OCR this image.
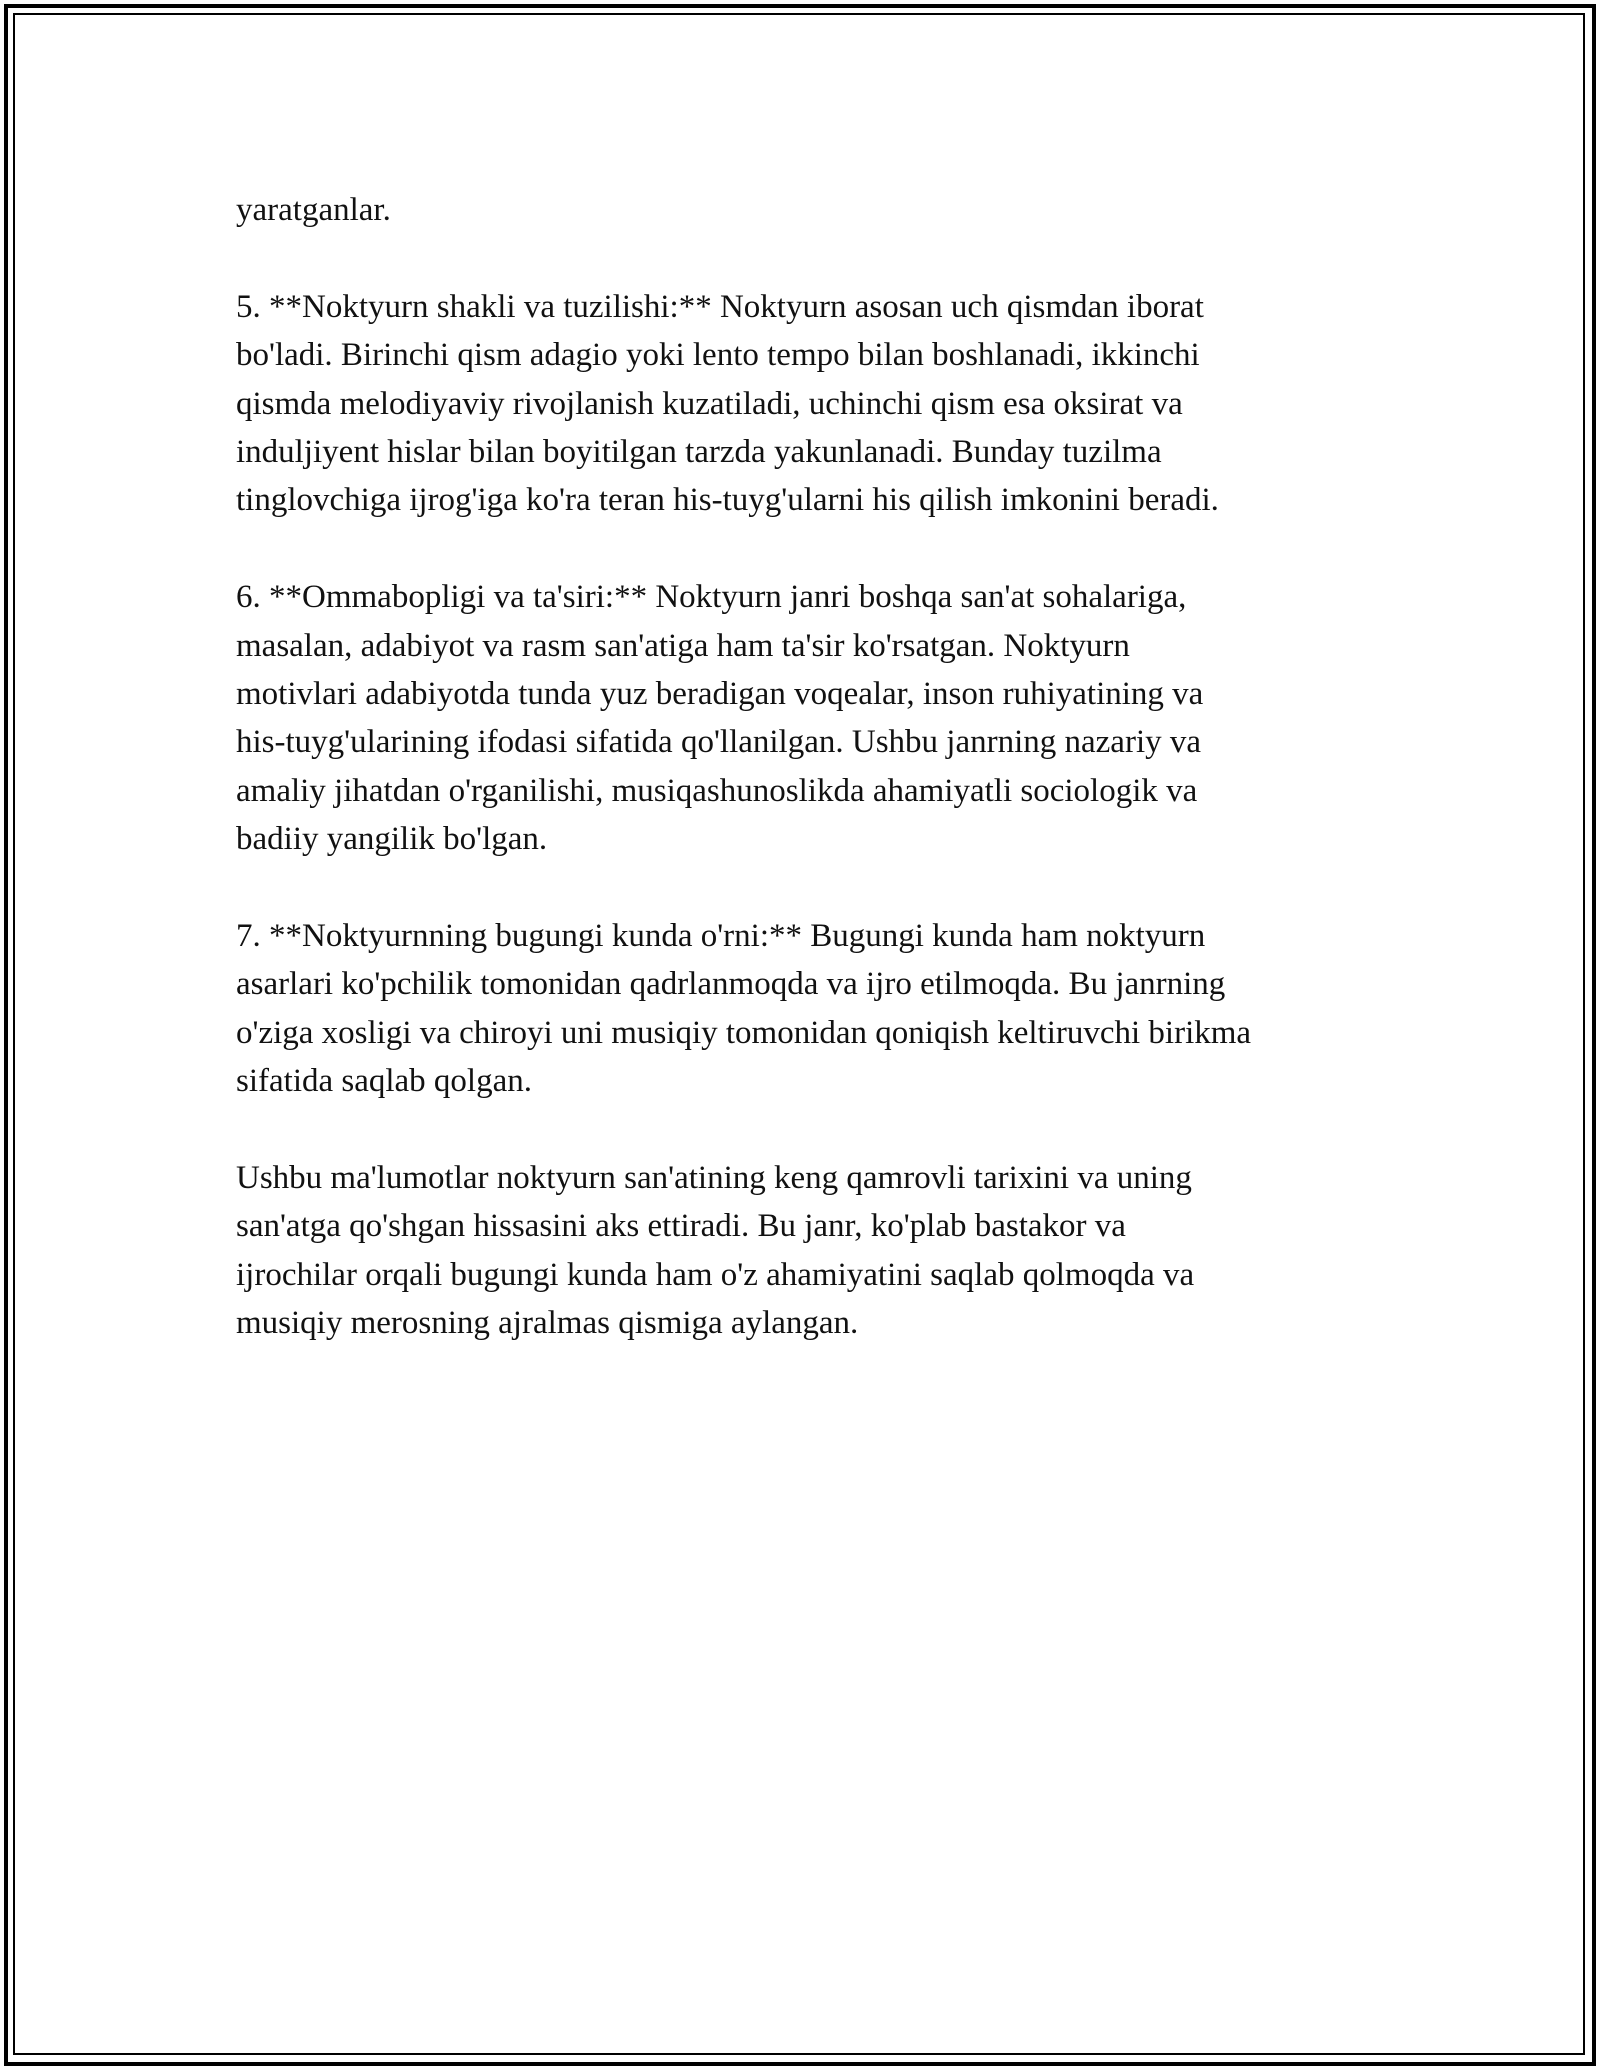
yaratganlar.

5. **Noktyurn shakli va tuzilishi:** Noktyurn asosan uch qismdan iborat
bo'ladi. Birinchi qism adagio yoki lento tempo bilan boshlanadi, ikkinchi
qismda melodiyaviy rivojlanish kuzatiladi, uchinchi qism esa oksirat va
induljiyent hislar bilan boyitilgan tarzda yakunlanadi. Bunday tuzilma
tinglovchiga ijrog'iga ko'ra teran his-tuyg'ularni his qilish imkonini beradi.

6. **Ommabopligi va ta'siri:** Noktyurn janri boshqa san'at sohalariga,
masalan, adabiyot va rasm san'atiga ham ta'sir ko'rsatgan. Noktyurn
motivlari adabiyotda tunda yuz beradigan voqealar, inson ruhiyatining va
his-tuyg'ularining ifodasi sifatida qo'llanilgan. Ushbu janrning nazariy va
amaliy jihatdan o'rganilishi, musiqashunoslikda ahamiyatli sociologik va
badiiy yangilik bo'lgan.

7. **Noktyurnning bugungi kunda o'rni:** Bugungi kunda ham noktyurn
asarlari ko'pchilik tomonidan qadrlanmoqda va ijro etilmoqda. Bu janrning
o'ziga xosligi va chiroyi uni musiqiy tomonidan qoniqish keltiruvchi birikma
sifatida saqlab qolgan.

Ushbu ma'lumotlar noktyurn san'atining keng qamrovli tarixini va uning
san'atga qo'shgan hissasini aks ettiradi. Bu janr, ko'plab bastakor va
ijrochilar orqali bugungi kunda ham o'z ahamiyatini saqlab qolmoqda va
musiqiy merosning ajralmas qismiga aylangan.
